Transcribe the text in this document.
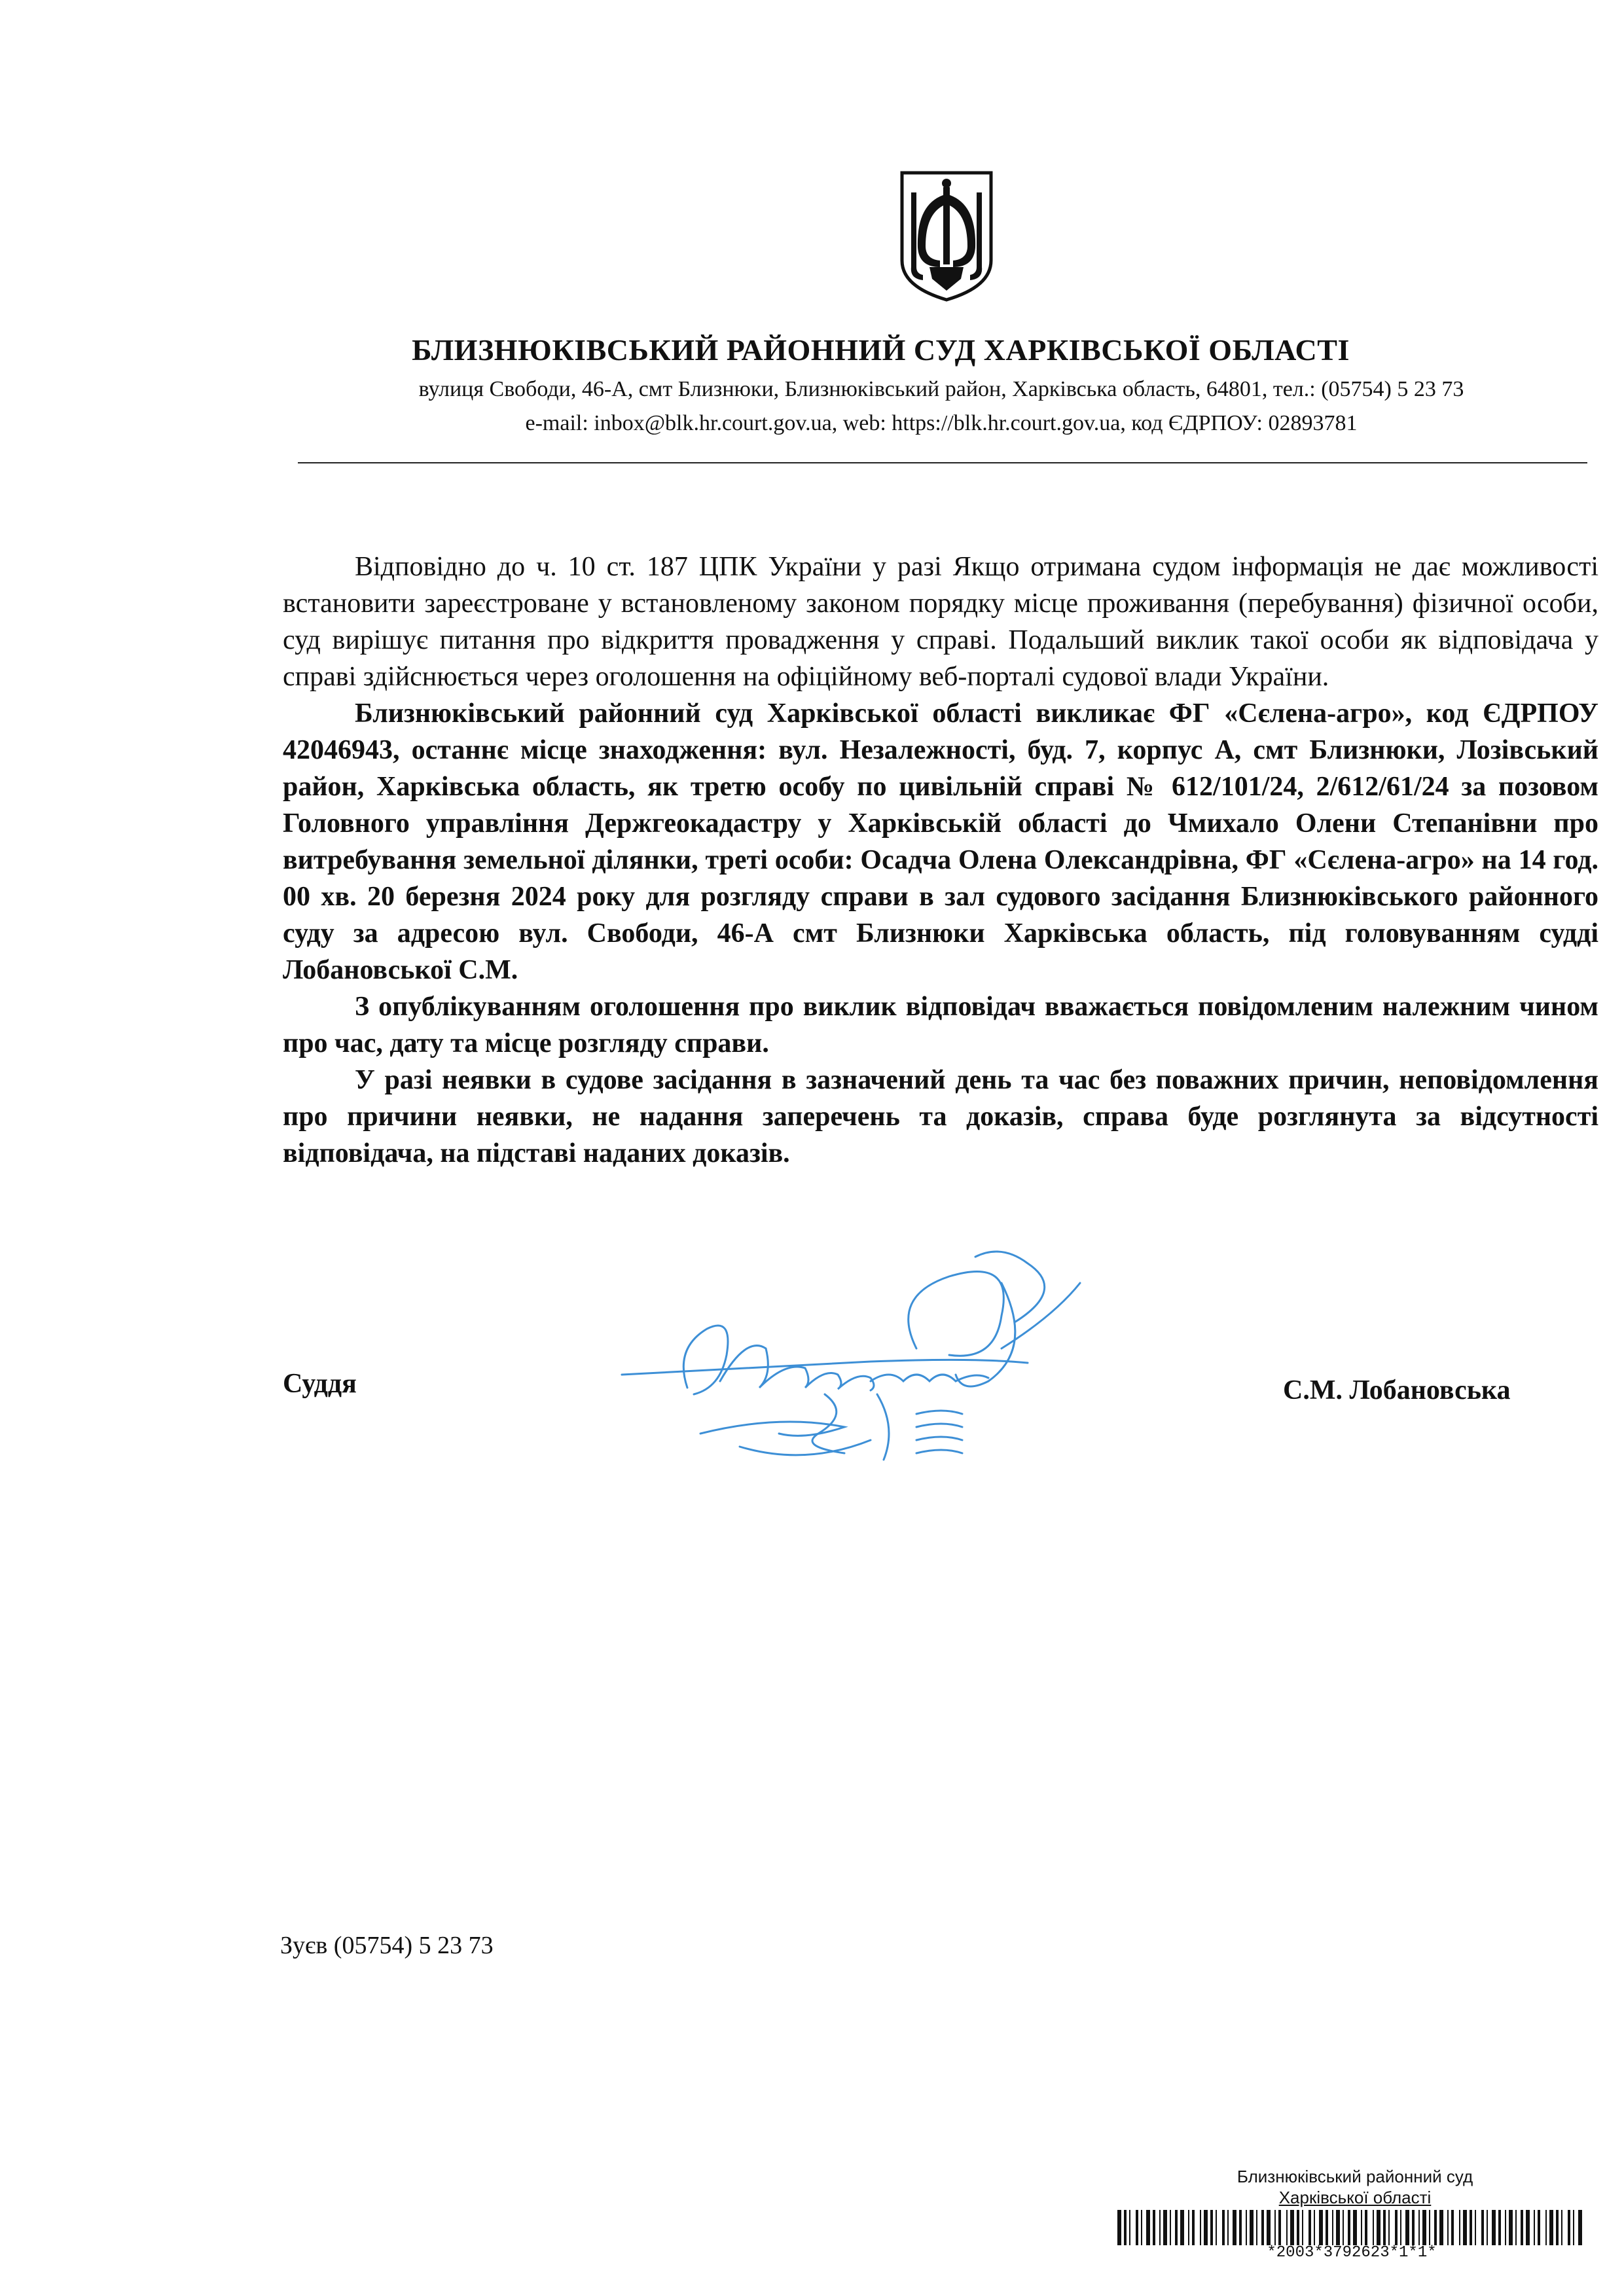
БЛИЗНЮКІВСЬКИЙ РАЙОННИЙ СУД ХАРКІВСЬКОЇ ОБЛАСТІ
вулиця Свободи, 46-А, смт Близнюки, Близнюківський район, Харківська область, 64801, тел.: (05754) 5 23 73
e-mail: inbox@blk.hr.court.gov.ua, web: https://blk.hr.court.gov.ua, код ЄДРПОУ: 02893781

Відповідно до ч. 10 ст. 187 ЦПК України у разі Якщо отримана судом інформація не дає можливості встановити зареєстроване у встановленому законом порядку місце проживання (перебування) фізичної особи, суд вирішує питання про відкриття провадження у справі. Подальший виклик такої особи як відповідача у справі здійснюється через оголошення на офіційному веб-порталі судової влади України.

Близнюківський районний суд Харківської області викликає ФГ «Сєлена-агро», код ЄДРПОУ 42046943, останнє місце знаходження: вул. Незалежності, буд. 7, корпус А, смт Близнюки, Лозівський район, Харківська область, як третю особу по цивільній справі № 612/101/24, 2/612/61/24 за позовом Головного управління Держгеокадастру у Харківській області до Чмихало Олени Степанівни про витребування земельної ділянки, треті особи: Осадча Олена Олександрівна, ФГ «Сєлена-агро» на 14 год. 00 хв. 20 березня 2024 року для розгляду справи в зал судового засідання Близнюківського районного суду за адресою вул. Свободи, 46-А смт Близнюки Харківська область, під головуванням судді Лобановської С.М.

З опублікуванням оголошення про виклик відповідач вважається повідомленим належним чином про час, дату та місце розгляду справи.

У разі неявки в судове засідання в зазначений день та час без поважних причин, неповідомлення про причини неявки, не надання заперечень та доказів, справа буде розглянута за відсутності відповідача, на підставі наданих доказів.

Суддя	С.М. Лобановська
Зуєв (05754) 5 23 73
Близнюківський районний суд
Харківської області
*2003*3792623*1*1*
